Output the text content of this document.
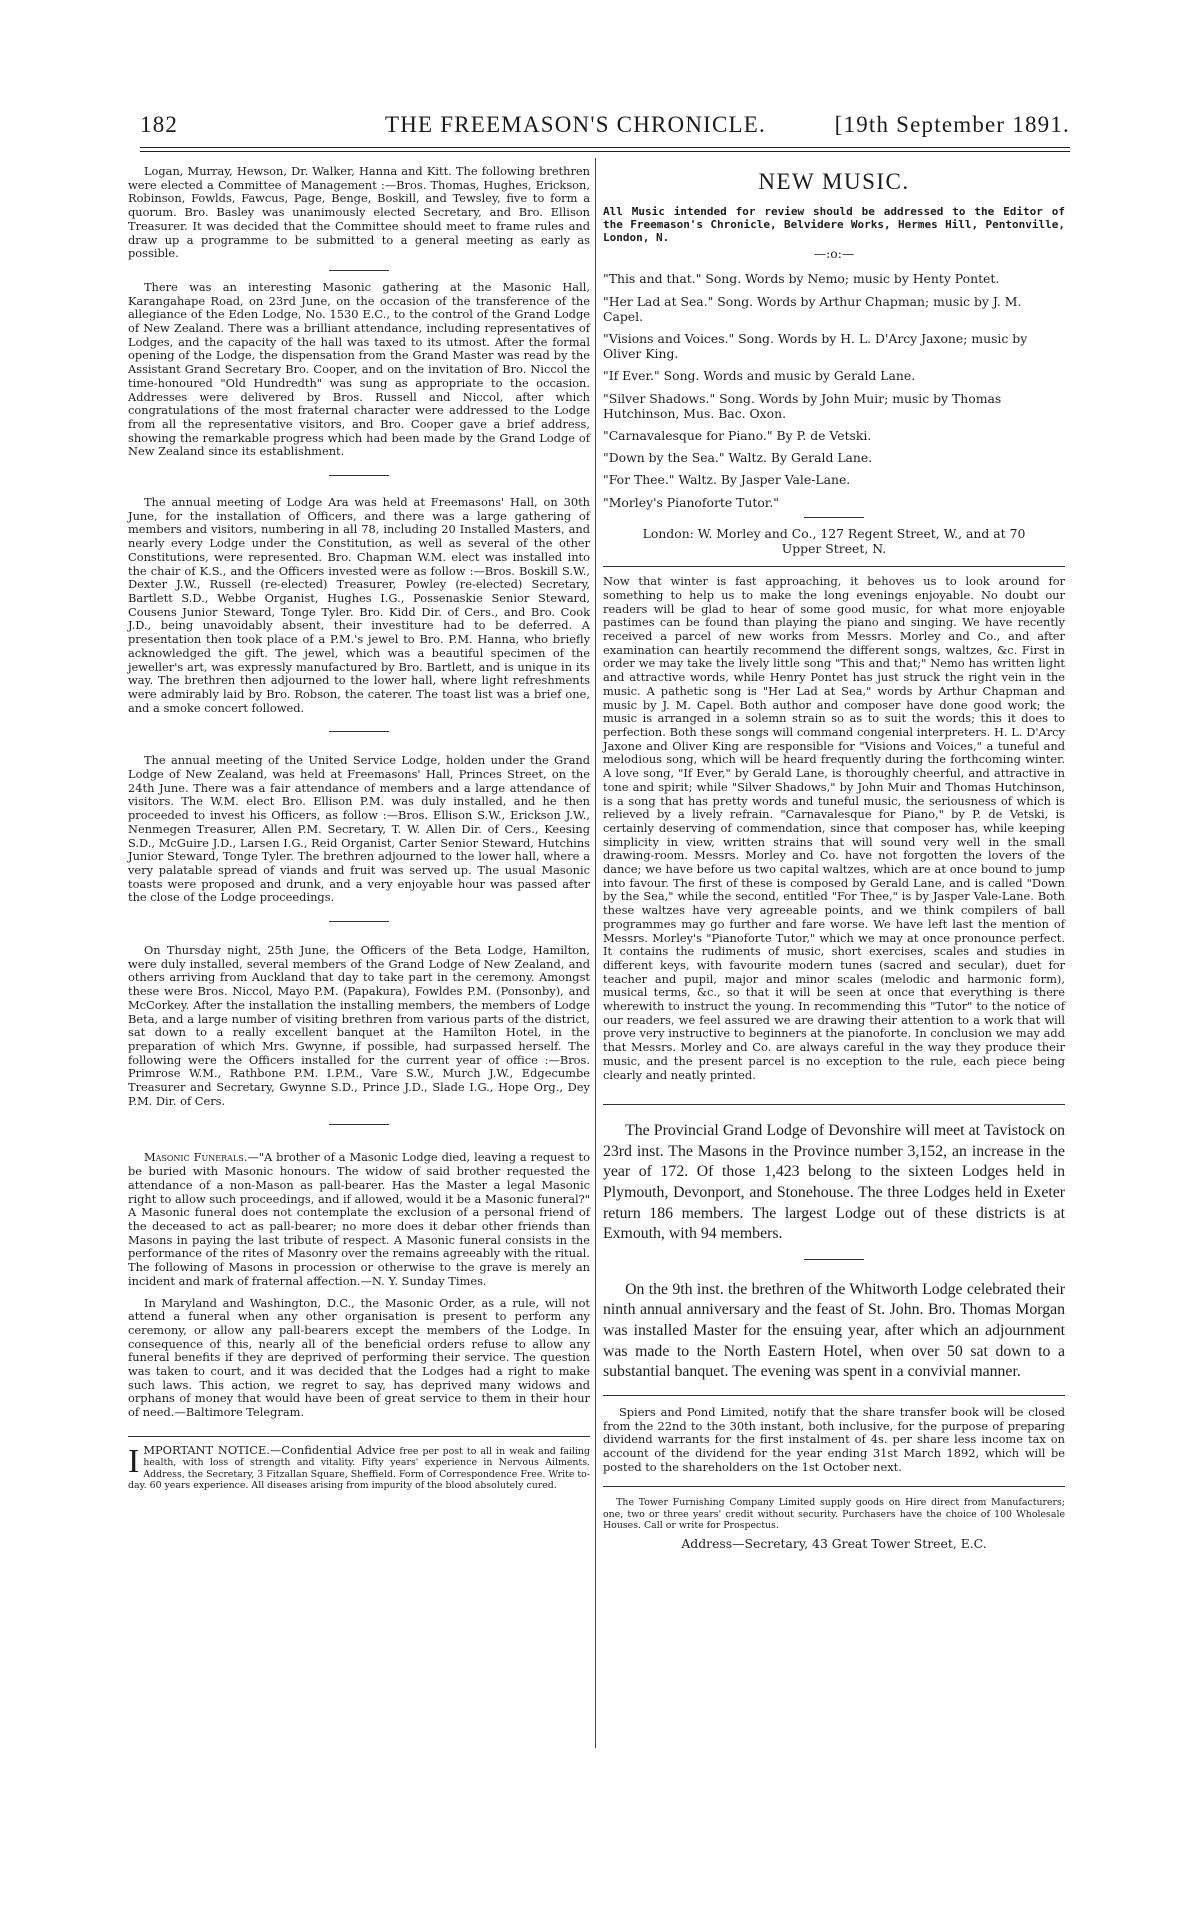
182	THE FREEMASON'S CHRONICLE.	[19th September 1891.

Logan, Murray, Hewson, Dr. Walker, Hanna and Kitt. The following brethren were elected a Committee of Management :—Bros. Thomas, Hughes, Erickson, Robinson, Fowlds, Fawcus, Page, Benge, Boskill, and Tewsley, five to form a quorum. Bro. Basley was unanimously elected Secretary, and Bro. Ellison Treasurer. It was decided that the Committee should meet to frame rules and draw up a programme to be submitted to a general meeting as early as possible.

There was an interesting Masonic gathering at the Masonic Hall, Karangahape Road, on 23rd June, on the occasion of the transference of the allegiance of the Eden Lodge, No. 1530 E.C., to the control of the Grand Lodge of New Zealand. There was a brilliant attendance, including representatives of Lodges, and the capacity of the hall was taxed to its utmost. After the formal opening of the Lodge, the dispensation from the Grand Master was read by the Assistant Grand Secretary Bro. Cooper, and on the invitation of Bro. Niccol the time-honoured "Old Hundredth" was sung as appropriate to the occasion. Addresses were delivered by Bros. Russell and Niccol, after which congratulations of the most fraternal character were addressed to the Lodge from all the representative visitors, and Bro. Cooper gave a brief address, showing the remarkable progress which had been made by the Grand Lodge of New Zealand since its establishment.

The annual meeting of Lodge Ara was held at Freemasons' Hall, on 30th June, for the installation of Officers, and there was a large gathering of members and visitors, numbering in all 78, including 20 Installed Masters, and nearly every Lodge under the Constitution, as well as several of the other Constitutions, were represented. Bro. Chapman W.M. elect was installed into the chair of K.S., and the Officers invested were as follow :—Bros. Boskill S.W., Dexter J.W., Russell (re-elected) Treasurer, Powley (re-elected) Secretary, Bartlett S.D., Webbe Organist, Hughes I.G., Possenaskie Senior Steward, Cousens Junior Steward, Tonge Tyler. Bro. Kidd Dir. of Cers., and Bro. Cook J.D., being unavoidably absent, their investiture had to be deferred. A presentation then took place of a P.M.'s jewel to Bro. P.M. Hanna, who briefly acknowledged the gift. The jewel, which was a beautiful specimen of the jeweller's art, was expressly manufactured by Bro. Bartlett, and is unique in its way. The brethren then adjourned to the lower hall, where light refreshments were admirably laid by Bro. Robson, the caterer. The toast list was a brief one, and a smoke concert followed.

The annual meeting of the United Service Lodge, holden under the Grand Lodge of New Zealand, was held at Freemasons' Hall, Princes Street, on the 24th June. There was a fair attendance of members and a large attendance of visitors. The W.M. elect Bro. Ellison P.M. was duly installed, and he then proceeded to invest his Officers, as follow :—Bros. Ellison S.W., Erickson J.W., Nenmegen Treasurer, Allen P.M. Secretary, T. W. Allen Dir. of Cers., Keesing S.D., McGuire J.D., Larsen I.G., Reid Organist, Carter Senior Steward, Hutchins Junior Steward, Tonge Tyler. The brethren adjourned to the lower hall, where a very palatable spread of viands and fruit was served up. The usual Masonic toasts were proposed and drunk, and a very enjoyable hour was passed after the close of the Lodge proceedings.

On Thursday night, 25th June, the Officers of the Beta Lodge, Hamilton, were duly installed, several members of the Grand Lodge of New Zealand, and others arriving from Auckland that day to take part in the ceremony. Amongst these were Bros. Niccol, Mayo P.M. (Papakura), Fowldes P.M. (Ponsonby), and McCorkey. After the installation the installing members, the members of Lodge Beta, and a large number of visiting brethren from various parts of the district, sat down to a really excellent banquet at the Hamilton Hotel, in the preparation of which Mrs. Gwynne, if possible, had surpassed herself. The following were the Officers installed for the current year of office :—Bros. Primrose W.M., Rathbone P.M. I.P.M., Vare S.W., Murch J.W., Edgecumbe Treasurer and Secretary, Gwynne S.D., Prince J.D., Slade I.G., Hope Org., Dey P.M. Dir. of Cers.

Masonic Funerals.—"A brother of a Masonic Lodge died, leaving a request to be buried with Masonic honours. The widow of said brother requested the attendance of a non-Mason as pall-bearer. Has the Master a legal Masonic right to allow such proceedings, and if allowed, would it be a Masonic funeral?" A Masonic funeral does not contemplate the exclusion of a personal friend of the deceased to act as pall-bearer; no more does it debar other friends than Masons in paying the last tribute of respect. A Masonic funeral consists in the performance of the rites of Masonry over the remains agreeably with the ritual. The following of Masons in procession or otherwise to the grave is merely an incident and mark of fraternal affection.—N. Y. Sunday Times.

In Maryland and Washington, D.C., the Masonic Order, as a rule, will not attend a funeral when any other organisation is present to perform any ceremony, or allow any pall-bearers except the members of the Lodge. In consequence of this, nearly all of the beneficial orders refuse to allow any funeral benefits if they are deprived of performing their service. The question was taken to court, and it was decided that the Lodges had a right to make such laws. This action, we regret to say, has deprived many widows and orphans of money that would have been of great service to them in their hour of need.—Baltimore Telegram.

IMPORTANT NOTICE.—Confidential Advice free per post to all in weak and failing health, with loss of strength and vitality. Fifty years' experience in Nervous Ailments. Address, the Secretary, 3 Fitzallan Square, Sheffield. Form of Correspondence Free. Write to-day. 60 years experience. All diseases arising from impurity of the blood absolutely cured.

NEW MUSIC.

All Music intended for review should be addressed to the Editor of the Freemason's Chronicle, Belvidere Works, Hermes Hill, Pentonville, London, N.

—:o:—

"This and that." Song. Words by Nemo; music by Henty Pontet.

"Her Lad at Sea." Song. Words by Arthur Chapman; music by J. M. Capel.

"Visions and Voices." Song. Words by H. L. D'Arcy Jaxone; music by Oliver King.

"If Ever." Song. Words and music by Gerald Lane.

"Silver Shadows." Song. Words by John Muir; music by Thomas Hutchinson, Mus. Bac. Oxon.

"Carnavalesque for Piano." By P. de Vetski.

"Down by the Sea." Waltz. By Gerald Lane.

"For Thee." Waltz. By Jasper Vale-Lane.

"Morley's Pianoforte Tutor."

London: W. Morley and Co., 127 Regent Street, W., and at 70 Upper Street, N.

Now that winter is fast approaching, it behoves us to look around for something to help us to make the long evenings enjoyable. No doubt our readers will be glad to hear of some good music, for what more enjoyable pastimes can be found than playing the piano and singing. We have recently received a parcel of new works from Messrs. Morley and Co., and after examination can heartily recommend the different songs, waltzes, &c. First in order we may take the lively little song "This and that;" Nemo has written light and attractive words, while Henry Pontet has just struck the right vein in the music. A pathetic song is "Her Lad at Sea," words by Arthur Chapman and music by J. M. Capel. Both author and composer have done good work; the music is arranged in a solemn strain so as to suit the words; this it does to perfection. Both these songs will command congenial interpreters. H. L. D'Arcy Jaxone and Oliver King are responsible for "Visions and Voices," a tuneful and melodious song, which will be heard frequently during the forthcoming winter. A love song, "If Ever," by Gerald Lane, is thoroughly cheerful, and attractive in tone and spirit; while "Silver Shadows," by John Muir and Thomas Hutchinson, is a song that has pretty words and tuneful music, the seriousness of which is relieved by a lively refrain. "Carnavalesque for Piano," by P. de Vetski, is certainly deserving of commendation, since that composer has, while keeping simplicity in view, written strains that will sound very well in the small drawing-room. Messrs. Morley and Co. have not forgotten the lovers of the dance; we have before us two capital waltzes, which are at once bound to jump into favour. The first of these is composed by Gerald Lane, and is called "Down by the Sea," while the second, entitled "For Thee," is by Jasper Vale-Lane. Both these waltzes have very agreeable points, and we think compilers of ball programmes may go further and fare worse. We have left last the mention of Messrs. Morley's "Pianoforte Tutor," which we may at once pronounce perfect. It contains the rudiments of music, short exercises, scales and studies in different keys, with favourite modern tunes (sacred and secular), duet for teacher and pupil, major and minor scales (melodic and harmonic form), musical terms, &c., so that it will be seen at once that everything is there wherewith to instruct the young. In recommending this "Tutor" to the notice of our readers, we feel assured we are drawing their attention to a work that will prove very instructive to beginners at the pianoforte. In conclusion we may add that Messrs. Morley and Co. are always careful in the way they produce their music, and the present parcel is no exception to the rule, each piece being clearly and neatly printed.

The Provincial Grand Lodge of Devonshire will meet at Tavistock on 23rd inst. The Masons in the Province number 3,152, an increase in the year of 172. Of those 1,423 belong to the sixteen Lodges held in Plymouth, Devonport, and Stonehouse. The three Lodges held in Exeter return 186 members. The largest Lodge out of these districts is at Exmouth, with 94 members.

On the 9th inst. the brethren of the Whitworth Lodge celebrated their ninth annual anniversary and the feast of St. John. Bro. Thomas Morgan was installed Master for the ensuing year, after which an adjournment was made to the North Eastern Hotel, when over 50 sat down to a substantial banquet. The evening was spent in a convivial manner.

Spiers and Pond Limited, notify that the share transfer book will be closed from the 22nd to the 30th instant, both inclusive, for the purpose of preparing dividend warrants for the first instalment of 4s. per share less income tax on account of the dividend for the year ending 31st March 1892, which will be posted to the shareholders on the 1st October next.

The Tower Furnishing Company Limited supply goods on Hire direct from Manufacturers; one, two or three years' credit without security. Purchasers have the choice of 100 Wholesale Houses. Call or write for Prospectus.

Address—Secretary, 43 Great Tower Street, E.C.
